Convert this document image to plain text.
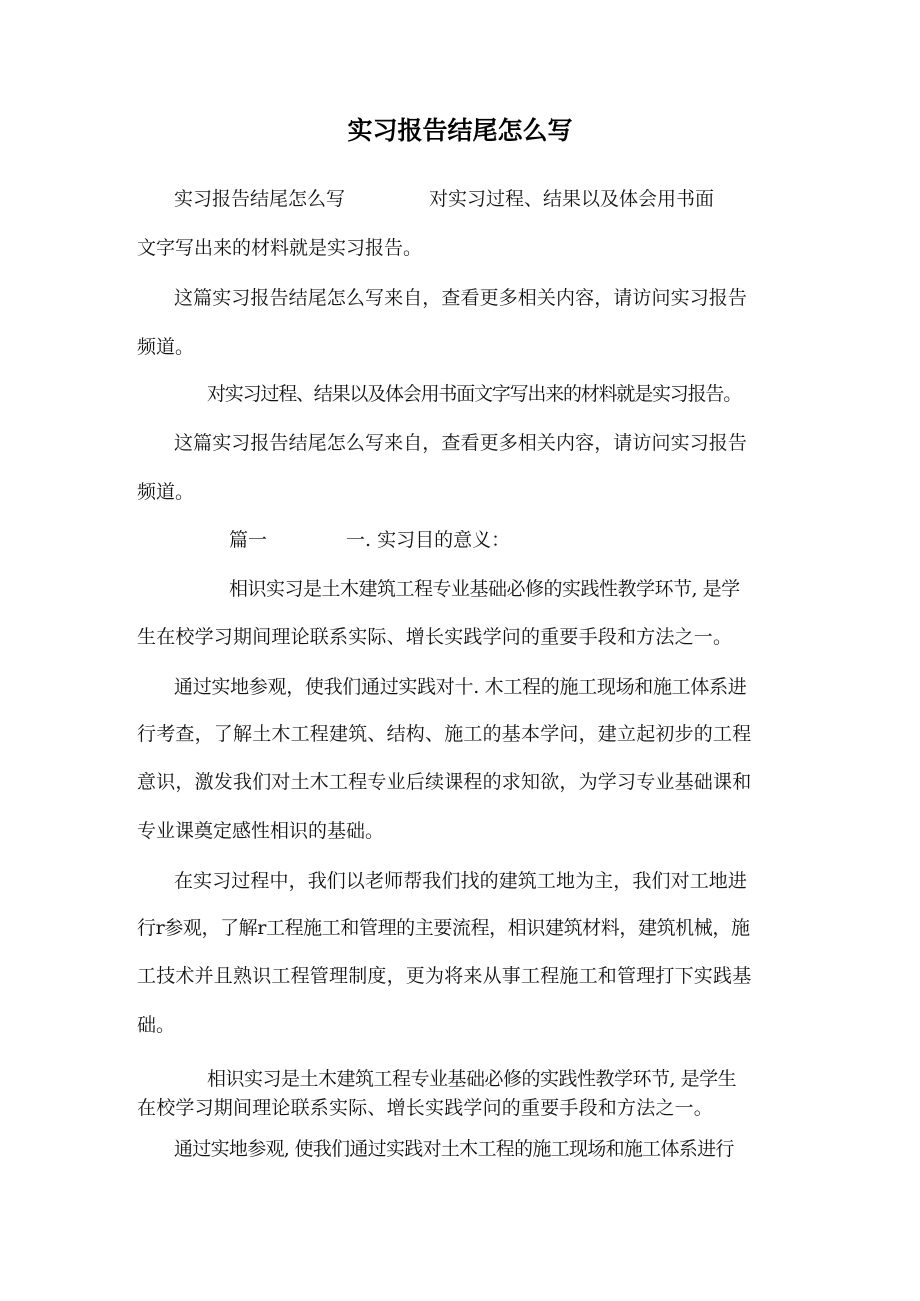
实习报告结尾怎么写

实习报告结尾怎么写	对实习过程、结果以及体会用书面

文字写出来的材料就是实习报告。

这篇实习报告结尾怎么写来自，查看更多相关内容，请访问实习报告

频道。

对实习过程、结果以及体会用书面文字写出来的材料就是实习报告。

这篇实习报告结尾怎么写来自，查看更多相关内容，请访问实习报告

频道。

篇一	一. 实习目的意义：

相识实习是土木建筑工程专业基础必修的实践性教学环节, 是学

生在校学习期间理论联系实际、增长实践学问的重要手段和方法之一。

通过实地参观，使我们通过实践对十. 木工程的施工现场和施工体系进

行考查，了解土木工程建筑、结构、施工的基本学问，建立起初步的工程

意识，激发我们对土木工程专业后续课程的求知欲，为学习专业基础课和

专业课奠定感性相识的基础。

在实习过程中，我们以老师帮我们找的建筑工地为主，我们对工地进

行r参观，了解r工程施工和管理的主要流程，相识建筑材料，建筑机械，施

工技术并且熟识工程管理制度，更为将来从事工程施工和管理打下实践基

础。

相识实习是土木建筑工程专业基础必修的实践性教学环节, 是学生

在校学习期间理论联系实际、增长实践学问的重要手段和方法之一。

通过实地参观, 使我们通过实践对土木工程的施工现场和施工体系进行
